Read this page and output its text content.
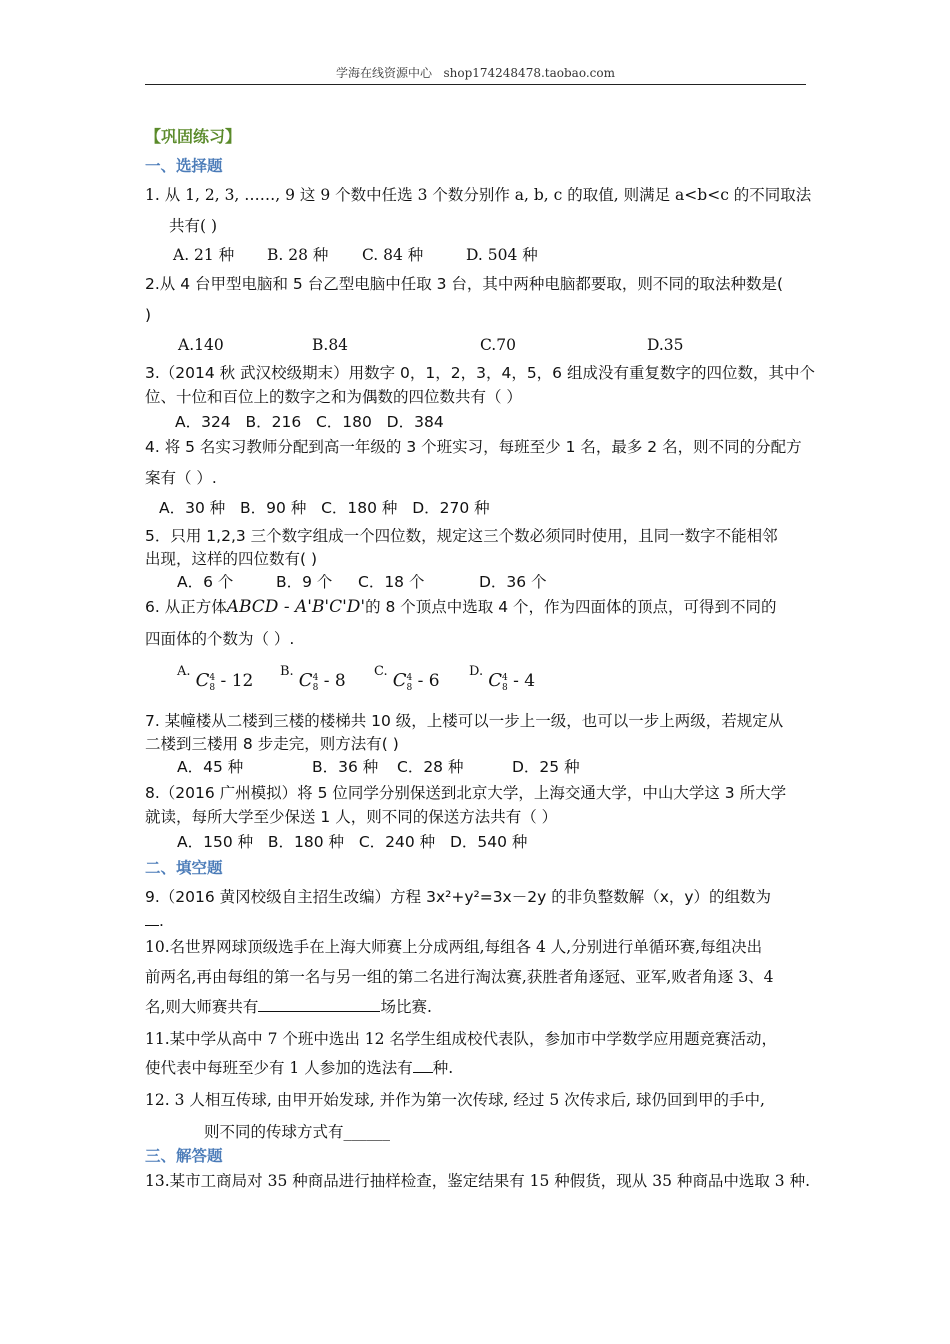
学海在线资源中心   shop174248478.taobao.com
【巩固练习】
一、选择题
1. 从 1, 2, 3, ……, 9 这 9 个数中任选 3 个数分别作 a, b, c 的取值, 则满足 a<b<c 的不同取法
共有( )
A. 21 种 B. 28 种 C. 84 种	D. 504 种
2.从 4 台甲型电脑和 5 台乙型电脑中任取 3 台，其中两种电脑都要取，则不同的取法种数是(
)
A.140	B.84	C.70	D.35
3.（2014 秋 武汉校级期末）用数字 0，1，2，3，4，5，6 组成没有重复数字的四位数，其中个
位、十位和百位上的数字之和为偶数的四位数共有（ ）
A．324   B．216   C．180   D．384
4. 将 5 名实习教师分配到高一年级的 3 个班实习，每班至少 1 名，最多 2 名，则不同的分配方
案有（ ）.
A．30 种   B．90 种   C．180 种   D．270 种
5．只用 1,2,3 三个数字组成一个四位数，规定这三个数必须同时使用，且同一数字不能相邻
出现，这样的四位数有( )
A．6 个	B．9 个 C．18 个	D．36 个
6. 从正方体ABCD - A'B'C'D'的 8 个顶点中选取 4 个，作为四面体的顶点，可得到不同的
四面体的个数为（ ）.
$^{A.}$ C4
8 - 12 $^{B.}$ C4
8 - 8 $^{C.}$ C4
8 - 6 $^{D.}$ C4
8 - 4
7. 某幢楼从二楼到三楼的楼梯共 10 级，上楼可以一步上一级，也可以一步上两级，若规定从
二楼到三楼用 8 步走完，则方法有( )
A．45 种	B．36 种 C．28 种	D．25 种
8.（2016 广州模拟）将 5 位同学分别保送到北京大学，上海交通大学，中山大学这 3 所大学
就读，每所大学至少保送 1 人，则不同的保送方法共有（ ）
A．150 种   B．180 种   C．240 种   D．540 种
二、填空题
9.（2016 黄冈校级自主招生改编）方程 3x²+y²=3x－2y 的非负整数解（x，y）的组数为
.
10.名世界网球顶级选手在上海大师赛上分成两组,每组各 4 人,分别进行单循环赛,每组决出
前两名,再由每组的第一名与另一组的第二名进行淘汰赛,获胜者角逐冠、亚军,败者角逐 3、4
名,则大师赛共有	场比赛.
11.某中学从高中 7 个班中选出 12 名学生组成校代表队，参加市中学数学应用题竞赛活动，
使代表中每班至少有 1 人参加的选法有 种.
12. 3 人相互传球, 由甲开始发球, 并作为第一次传球, 经过 5 次传求后, 球仍回到甲的手中,
则不同的传球方式有______
三、解答题
13.某市工商局对 35 种商品进行抽样检查，鉴定结果有 15 种假货，现从 35 种商品中选取 3 种.
